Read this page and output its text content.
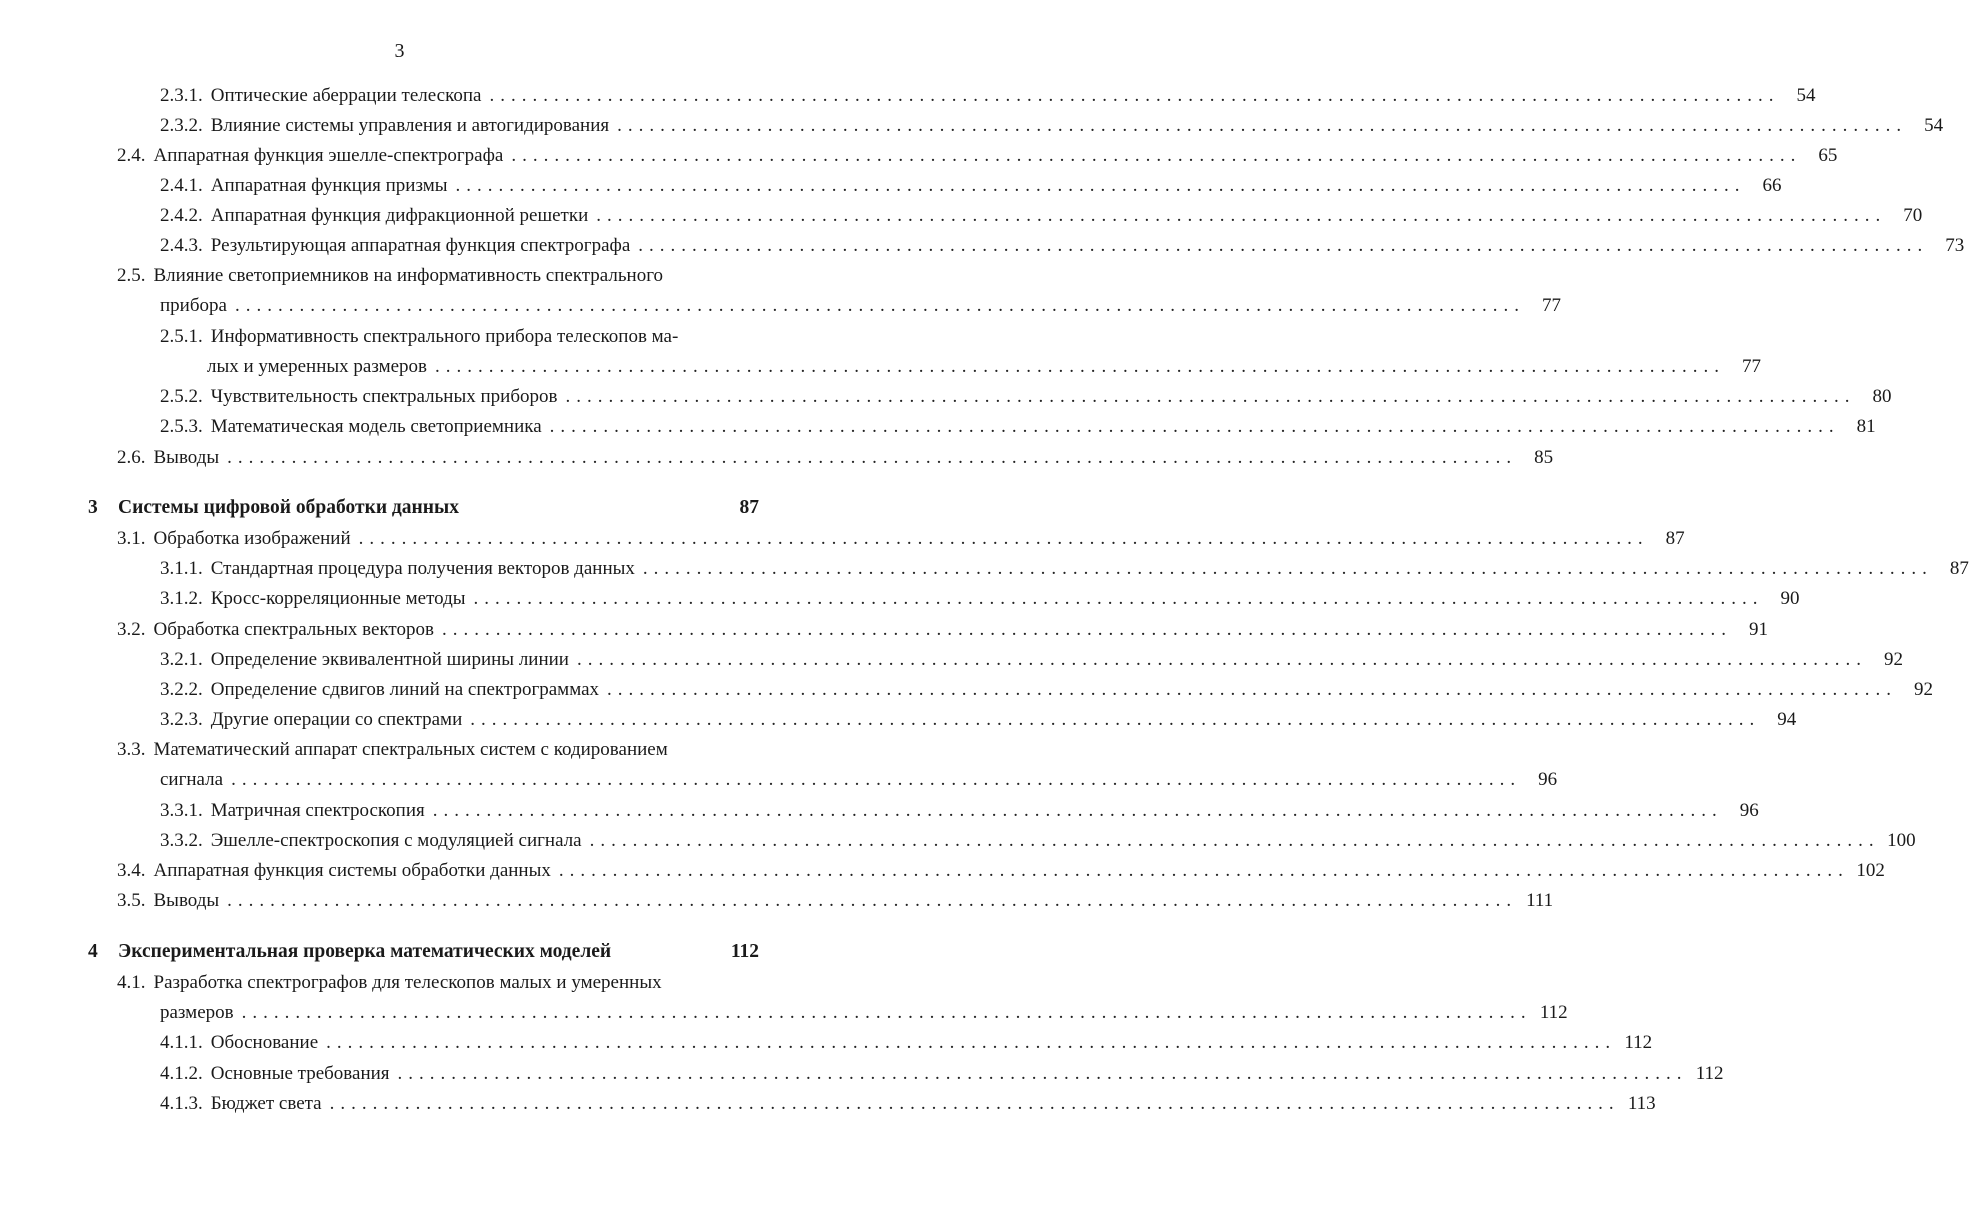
3
2.3.1. Оптические аберрации телескопа ........................................................................................................................ 54
2.3.2. Влияние системы управления и автогидирования ........................................................................................................................ 54
2.4. Аппаратная функция эшелле-спектрографа ........................................................................................................................ 65
2.4.1. Аппаратная функция призмы ........................................................................................................................ 66
2.4.2. Аппаратная функция дифракционной решетки ........................................................................................................................ 70
2.4.3. Результирующая аппаратная функция спектрографа ........................................................................................................................ 73
2.5. Влияние светоприемников на информативность спектрального
прибора ........................................................................................................................ 77
2.5.1. Информативность спектрального прибора телескопов ма-
лых и умеренных размеров ........................................................................................................................ 77
2.5.2. Чувствительность спектральных приборов ........................................................................................................................ 80
2.5.3. Математическая модель светоприемника ........................................................................................................................ 81
2.6. Выводы ........................................................................................................................ 85
3	Системы цифровой обработки данных	87
3.1. Обработка изображений ........................................................................................................................ 87
3.1.1. Стандартная процедура получения векторов данных ........................................................................................................................ 87
3.1.2. Кросс-корреляционные методы ........................................................................................................................ 90
3.2. Обработка спектральных векторов ........................................................................................................................ 91
3.2.1. Определение эквивалентной ширины линии ........................................................................................................................ 92
3.2.2. Определение сдвигов линий на спектрограммах ........................................................................................................................ 92
3.2.3. Другие операции со спектрами ........................................................................................................................ 94
3.3. Математический аппарат спектральных систем с кодированием
сигнала ........................................................................................................................ 96
3.3.1. Матричная спектроскопия ........................................................................................................................ 96
3.3.2. Эшелле-спектроскопия с модуляцией сигнала ........................................................................................................................ 100
3.4. Аппаратная функция системы обработки данных ........................................................................................................................ 102
3.5. Выводы ........................................................................................................................ 111
4	Экспериментальная проверка математических моделей	112
4.1. Разработка спектрографов для телескопов малых и умеренных
размеров ........................................................................................................................ 112
4.1.1. Обоснование ........................................................................................................................ 112
4.1.2. Основные требования ........................................................................................................................ 112
4.1.3. Бюджет света ........................................................................................................................ 113
